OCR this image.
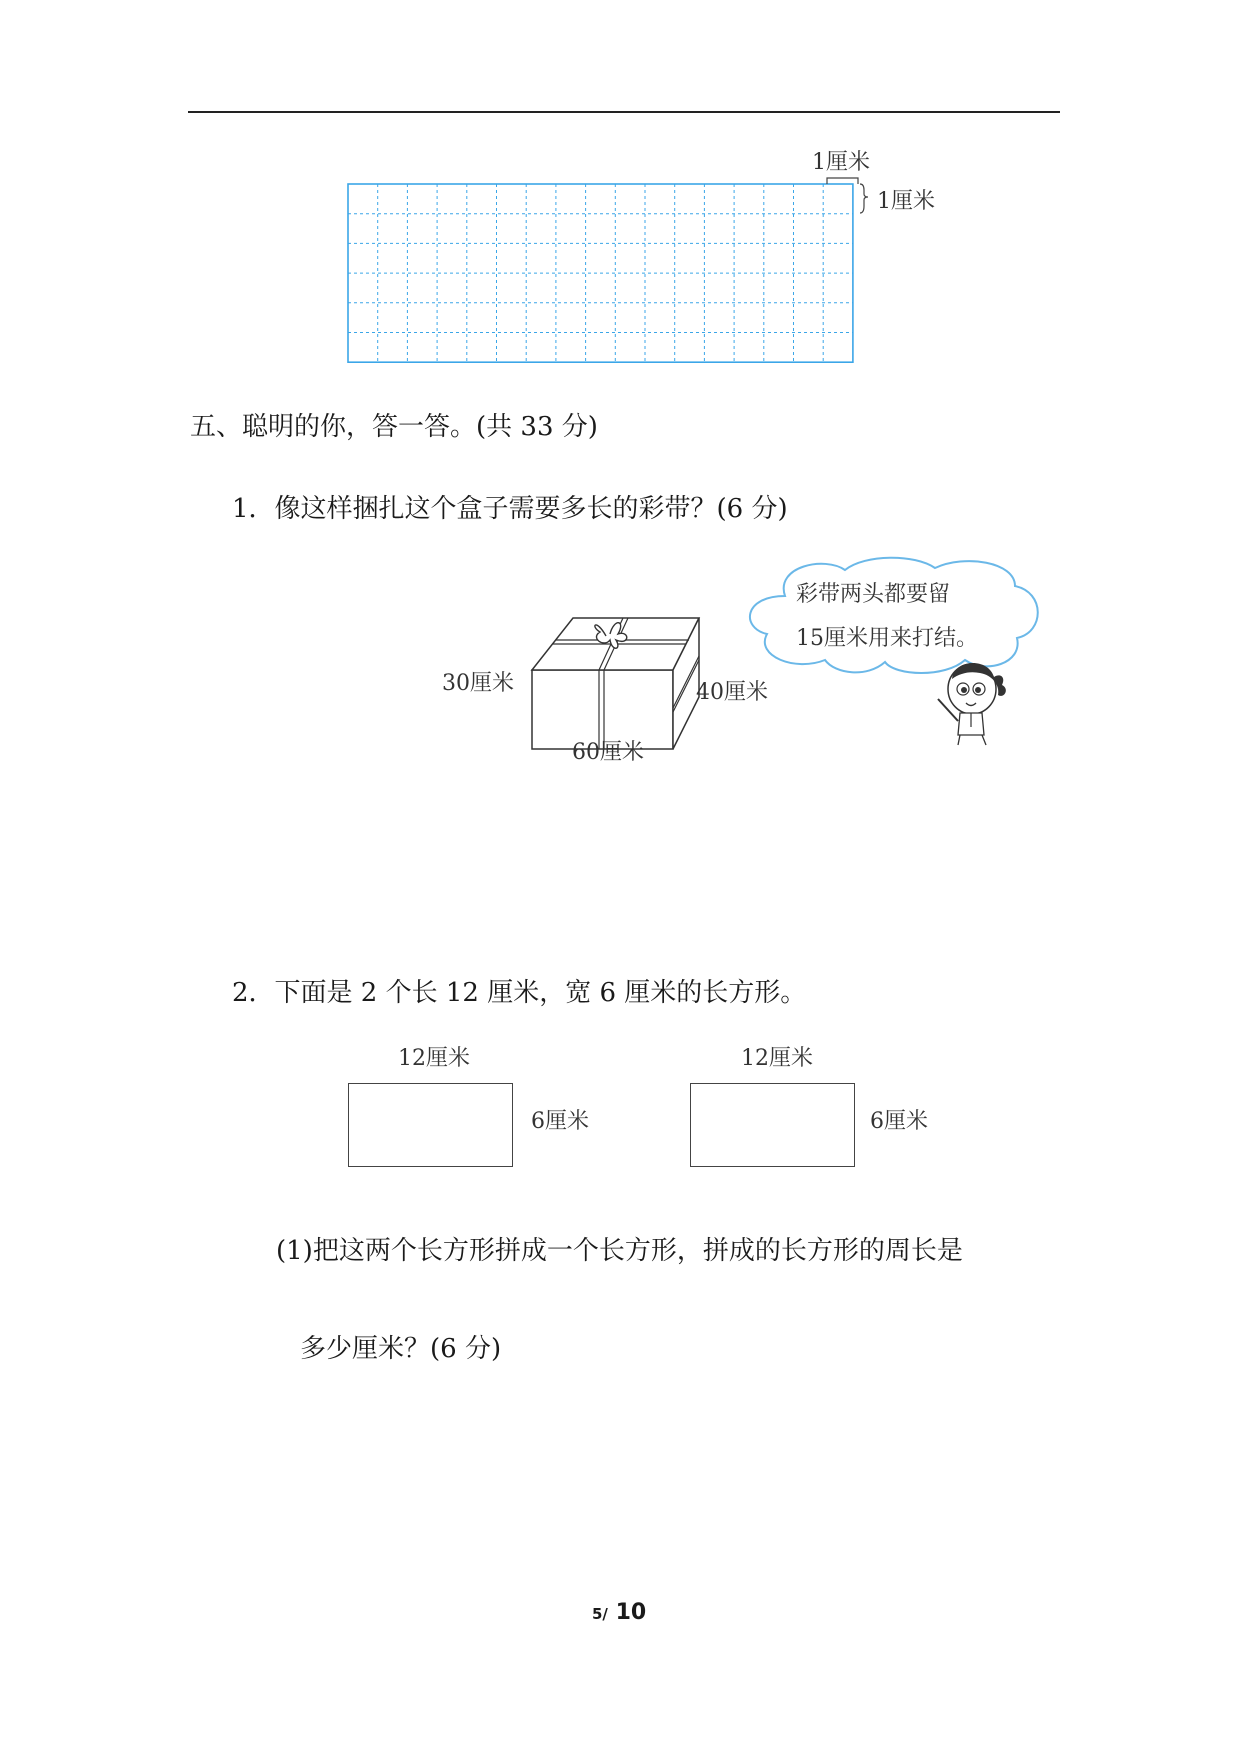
1厘米
1厘米
五、聪明的你，答一答。(共 33 分)
1．像这样捆扎这个盒子需要多长的彩带？(6 分)
30厘米	40厘米
60厘米
彩带两头都要留
15厘米用来打结。
2．下面是 2 个长 12 厘米，宽 6 厘米的长方形。
12厘米
6厘米
12厘米
6厘米
(1)把这两个长方形拼成一个长方形，拼成的长方形的周长是
多少厘米？(6 分)
5/ 10
